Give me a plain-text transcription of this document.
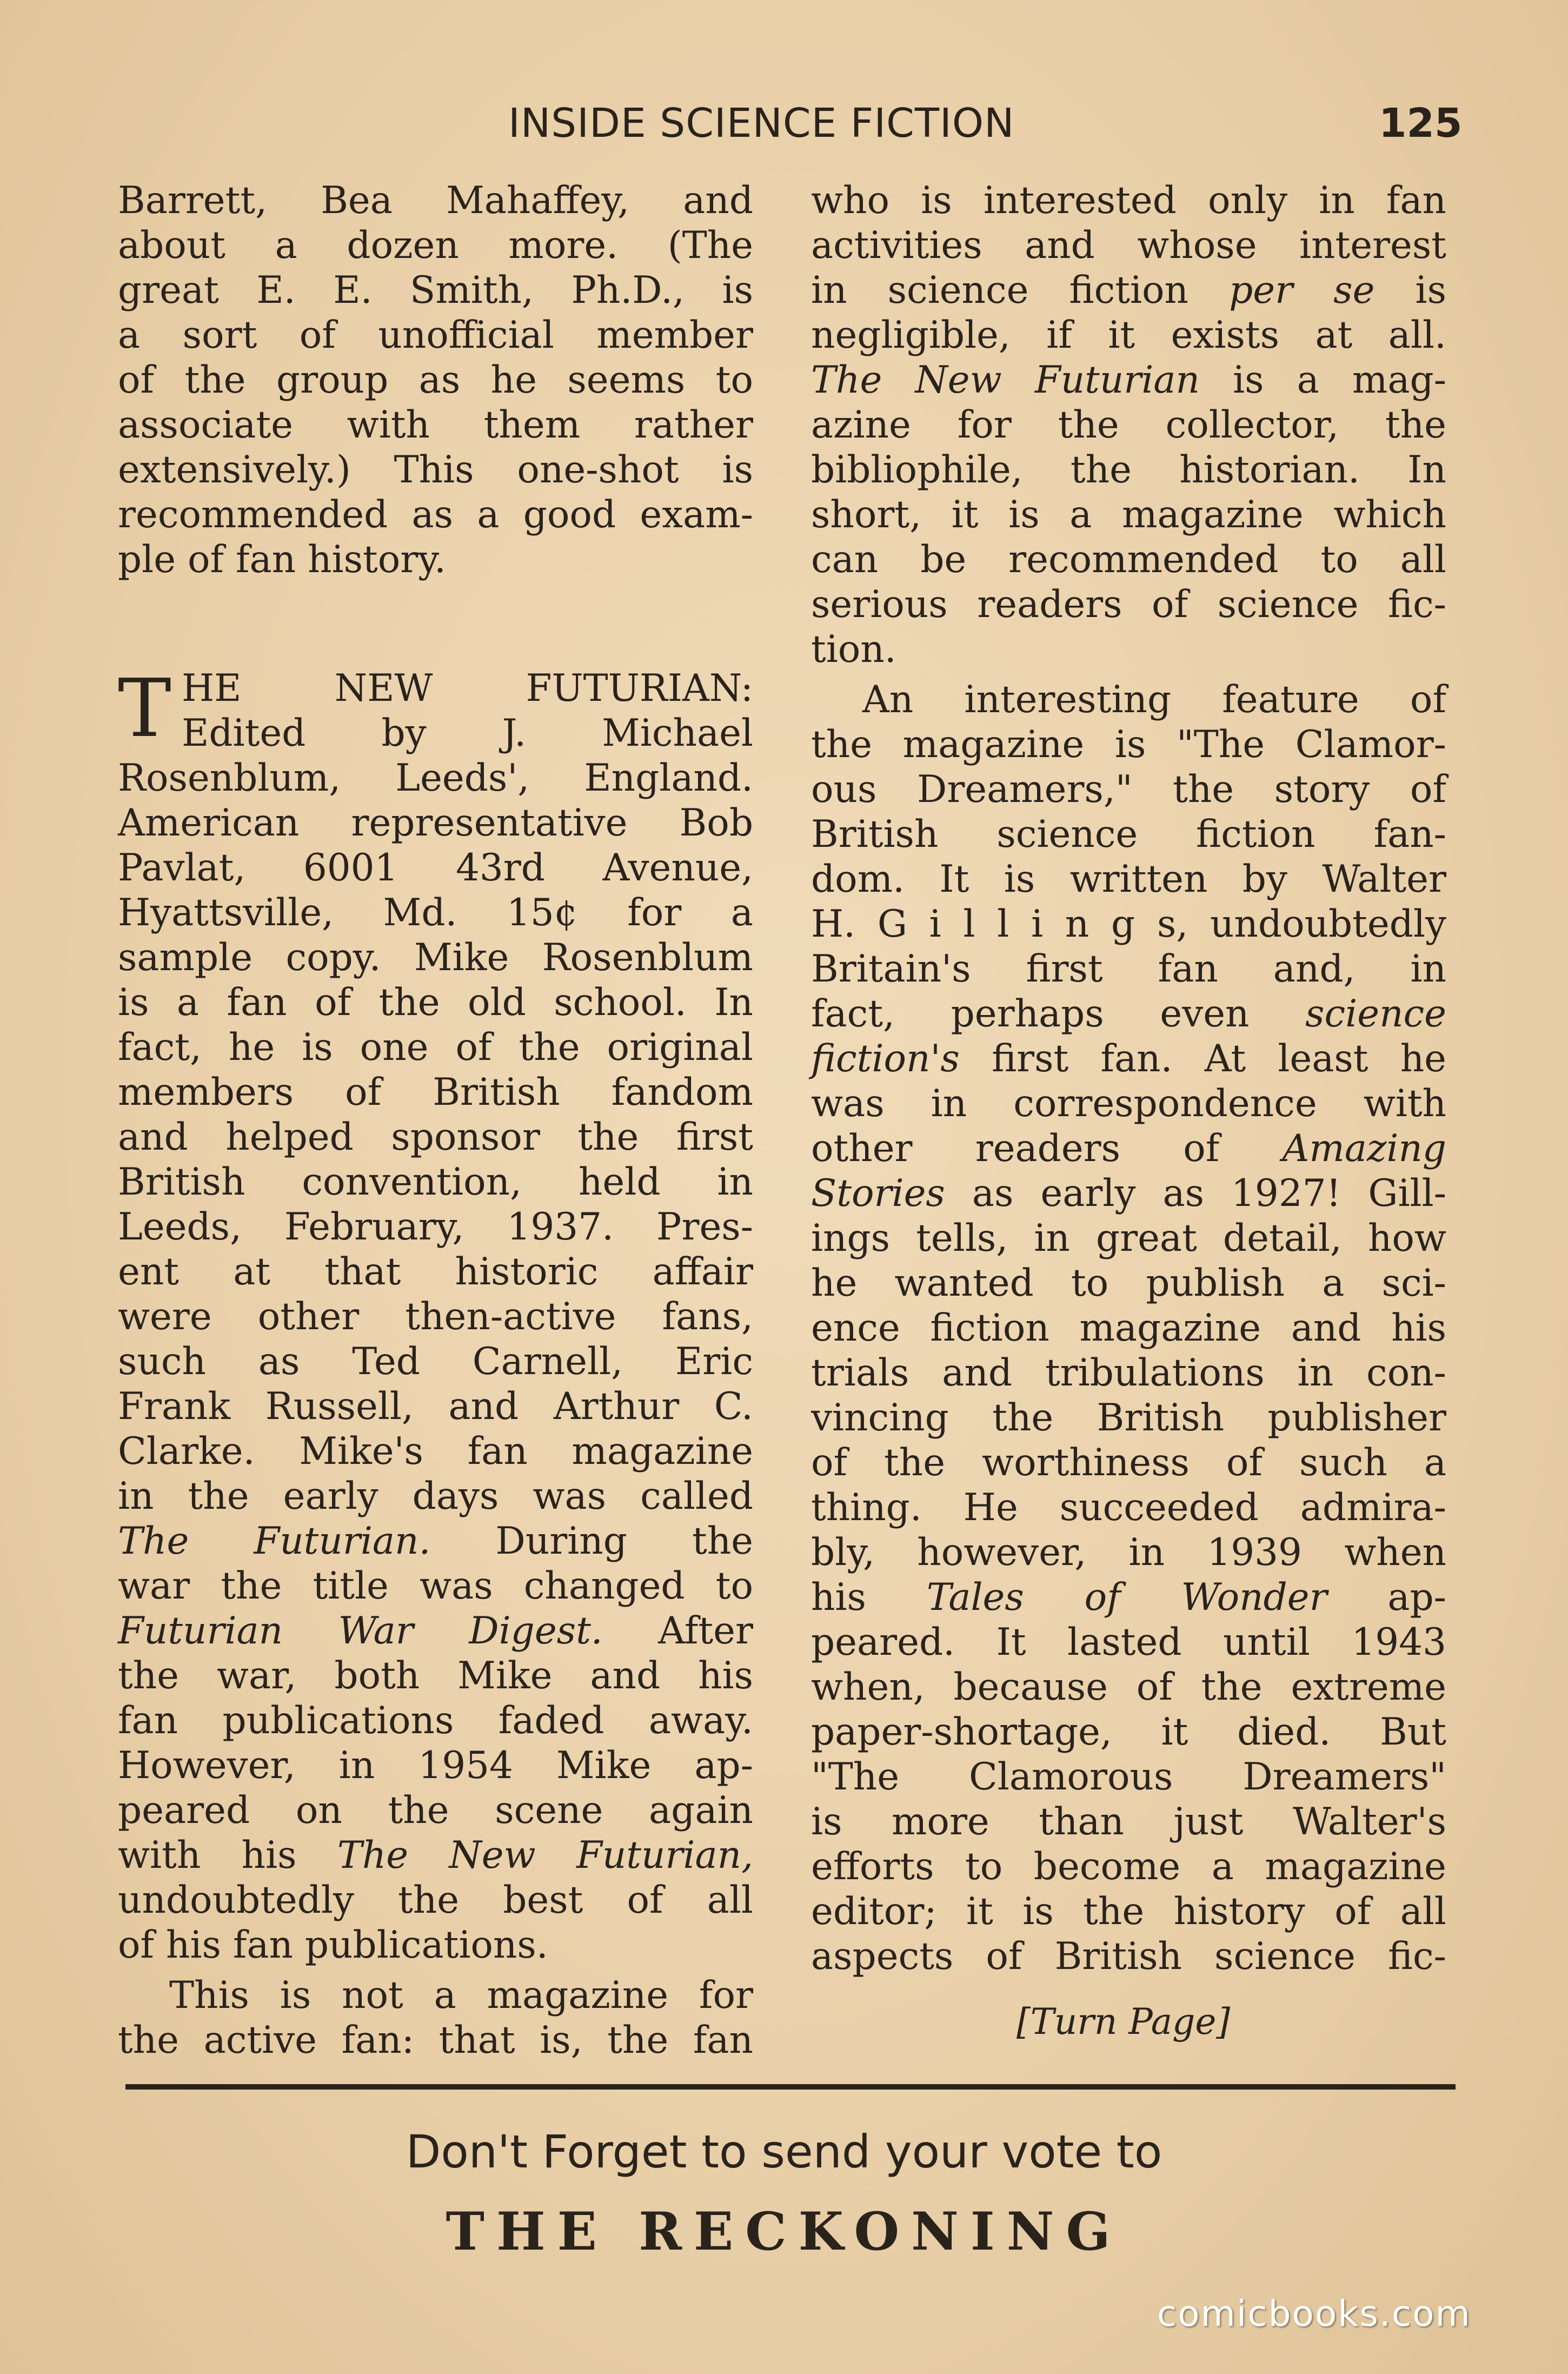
INSIDE SCIENCE FICTION	125

Barrett, Bea Mahaffey, and
about a dozen more. (The
great E. E. Smith, Ph.D., is
a sort of unofficial member
of the group as he seems to
associate with them rather
extensively.) This one-shot is
recommended as a good exam-
ple of fan history.

T HE NEW FUTURIAN:
Edited by J. Michael
Rosenblum, Leeds', England.
American representative Bob
Pavlat, 6001 43rd Avenue,
Hyattsville, Md. 15¢ for a
sample copy. Mike Rosenblum
is a fan of the old school. In
fact, he is one of the original
members of British fandom
and helped sponsor the first
British convention, held in
Leeds, February, 1937. Pres-
ent at that historic affair
were other then-active fans,
such as Ted Carnell, Eric
Frank Russell, and Arthur C.
Clarke. Mike's fan magazine
in the early days was called
The Futurian. During the
war the title was changed to
Futurian War Digest. After
the war, both Mike and his
fan publications faded away.
However, in 1954 Mike ap-
peared on the scene again
with his The New Futurian,
undoubtedly the best of all
of his fan publications.
This is not a magazine for
the active fan: that is, the fan
who is interested only in fan
activities and whose interest
in science fiction per se is
negligible, if it exists at all.
The New Futurian is a mag-
azine for the collector, the
bibliophile, the historian. In
short, it is a magazine which
can be recommended to all
serious readers of science fic-
tion.
An interesting feature of
the magazine is "The Clamor-
ous Dreamers," the story of
British science fiction fan-
dom. It is written by Walter
H. G i l l i n g s, undoubtedly
Britain's first fan and, in
fact, perhaps even science
fiction's first fan. At least he
was in correspondence with
other readers of Amazing
Stories as early as 1927! Gill-
ings tells, in great detail, how
he wanted to publish a sci-
ence fiction magazine and his
trials and tribulations in con-
vincing the British publisher
of the worthiness of such a
thing. He succeeded admira-
bly, however, in 1939 when
his Tales of Wonder ap-
peared. It lasted until 1943
when, because of the extreme
paper-shortage, it died. But
"The Clamorous Dreamers"
is more than just Walter's
efforts to become a magazine
editor; it is the history of all
aspects of British science fic-
[Turn Page]
Don't Forget to send your vote to
THE RECKONING
comicbooks.com
